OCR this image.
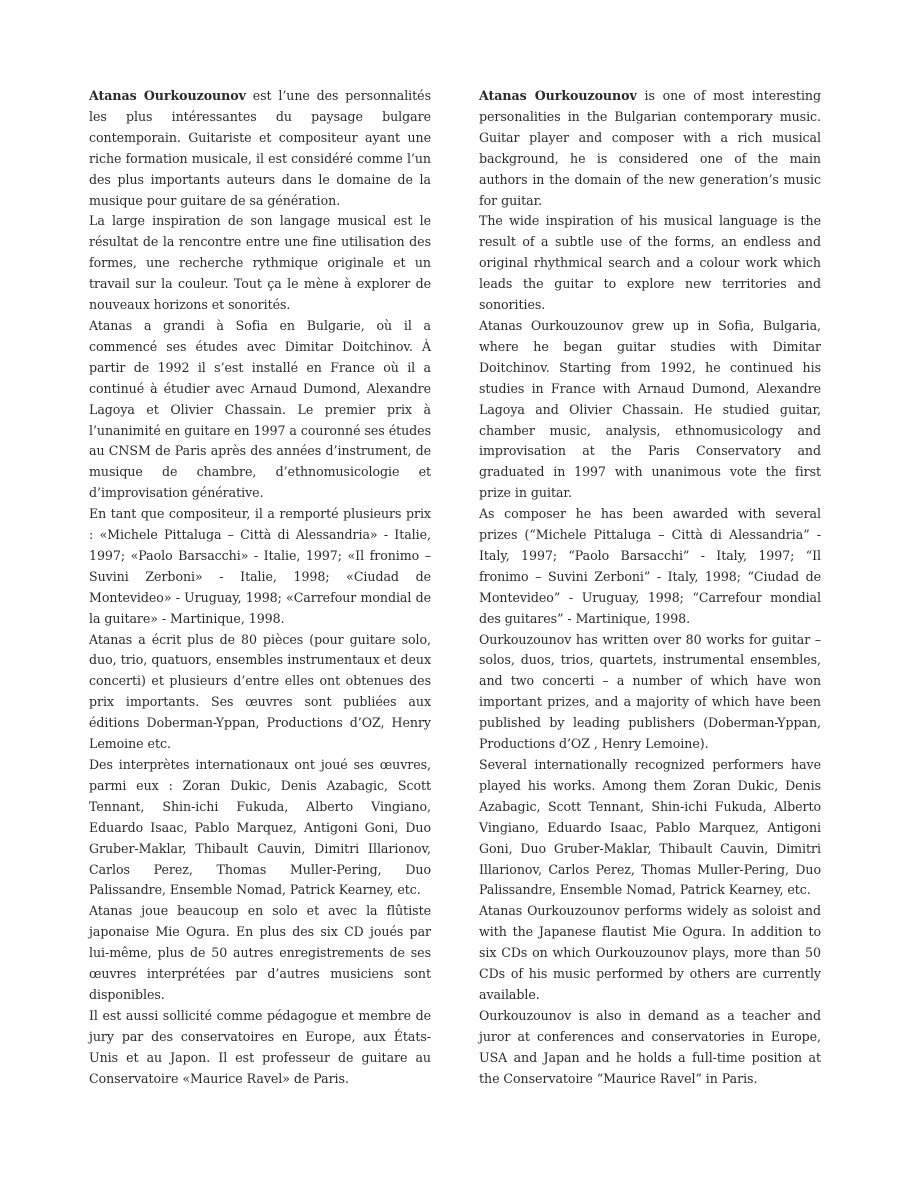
Atanas Ourkouzounov est l’une des personnalités les plus intéressantes du paysage bulgare contemporain. Guitariste et compositeur ayant une riche formation musicale, il est considéré comme l’un des plus importants auteurs dans le domaine de la musique pour guitare de sa génération.

La large inspiration de son langage musical est le résultat de la rencontre entre une fine utilisation des formes, une recherche rythmique originale et un travail sur la couleur. Tout ça le mène à explorer de nouveaux horizons et sonorités.

Atanas a grandi à Sofia en Bulgarie, où il a commencé ses études avec Dimitar Doitchinov. À partir de 1992 il s’est installé en France où il a continué à étudier avec Arnaud Dumond, Alexandre Lagoya et Olivier Chassain. Le premier prix à l’unanimité en guitare en 1997 a couronné ses études au CNSM de Paris après des années d’instrument, de musique de chambre, d’ethnomusicologie et d’improvisation générative.

En tant que compositeur, il a remporté plusieurs prix : «Michele Pittaluga – Città di Alessandria» - Italie, 1997; «Paolo Barsacchi» - Italie, 1997; «Il fronimo – Suvini Zerboni» - Italie, 1998; «Ciudad de Montevideo» - Uruguay, 1998; «Carrefour mondial de la guitare» - Martinique, 1998.

Atanas a écrit plus de 80 pièces (pour guitare solo, duo, trio, quatuors, ensembles instrumentaux et deux concerti) et plusieurs d’entre elles ont obtenues des prix importants. Ses œuvres sont publiées aux éditions Doberman-Yppan, Productions d’OZ, Henry Lemoine etc.

Des interprètes internationaux ont joué ses œuvres, parmi eux : Zoran Dukic, Denis Azabagic, Scott Tennant, Shin-ichi Fukuda, Alberto Vingiano, Eduardo Isaac, Pablo Marquez, Antigoni Goni, Duo Gruber-Maklar, Thibault Cauvin, Dimitri Illarionov, Carlos Perez, Thomas Muller-Pering, Duo Palissandre, Ensemble Nomad, Patrick Kearney, etc.

Atanas joue beaucoup en solo et avec la flûtiste japonaise Mie Ogura. En plus des six CD joués par lui-même, plus de 50 autres enregistrements de ses œuvres interprétées par d’autres musiciens sont disponibles.

Il est aussi sollicité comme pédagogue et membre de jury par des conservatoires en Europe, aux États-Unis et au Japon. Il est professeur de guitare au Conservatoire «Maurice Ravel» de Paris.

Atanas Ourkouzounov is one of most interesting personalities in the Bulgarian contemporary music. Guitar player and composer with a rich musical background, he is considered one of the main authors in the domain of the new generation’s music for guitar.

The wide inspiration of his musical language is the result of a subtle use of the forms, an endless and original rhythmical search and a colour work which leads the guitar to explore new territories and sonorities.

Atanas Ourkouzounov grew up in Sofia, Bulgaria, where he began guitar studies with Dimitar Doitchinov. Starting from 1992, he continued his studies in France with Arnaud Dumond, Alexandre Lagoya and Olivier Chassain. He studied guitar, chamber music, analysis, ethnomusicology and improvisation at the Paris Conservatory and graduated in 1997 with unanimous vote the first prize in guitar.

As composer he has been awarded with several prizes (“Michele Pittaluga – Città di Alessandria” - Italy, 1997; “Paolo Barsacchi” - Italy, 1997; “Il fronimo – Suvini Zerboni” - Italy, 1998; “Ciudad de Montevideo” - Uruguay, 1998; “Carrefour mondial des guitares” - Martinique, 1998.

Ourkouzounov has written over 80 works for guitar – solos, duos, trios, quartets, instrumental ensembles, and two concerti – a number of which have won important prizes, and a majority of which have been published by leading publishers (Doberman-Yppan, Productions d’OZ , Henry Lemoine).

Several internationally recognized performers have played his works. Among them Zoran Dukic, Denis Azabagic, Scott Tennant, Shin-ichi Fukuda, Alberto Vingiano, Eduardo Isaac, Pablo Marquez, Antigoni Goni, Duo Gruber-Maklar, Thibault Cauvin, Dimitri Illarionov, Carlos Perez, Thomas Muller-Pering, Duo Palissandre, Ensemble Nomad, Patrick Kearney, etc.

Atanas Ourkouzounov performs widely as soloist and with the Japanese flautist Mie Ogura. In addition to six CDs on which Ourkouzounov plays, more than 50 CDs of his music performed by others are currently available.

Ourkouzounov is also in demand as a teacher and juror at conferences and conservatories in Europe, USA and Japan and he holds a full-time position at the Conservatoire “Maurice Ravel” in Paris.
